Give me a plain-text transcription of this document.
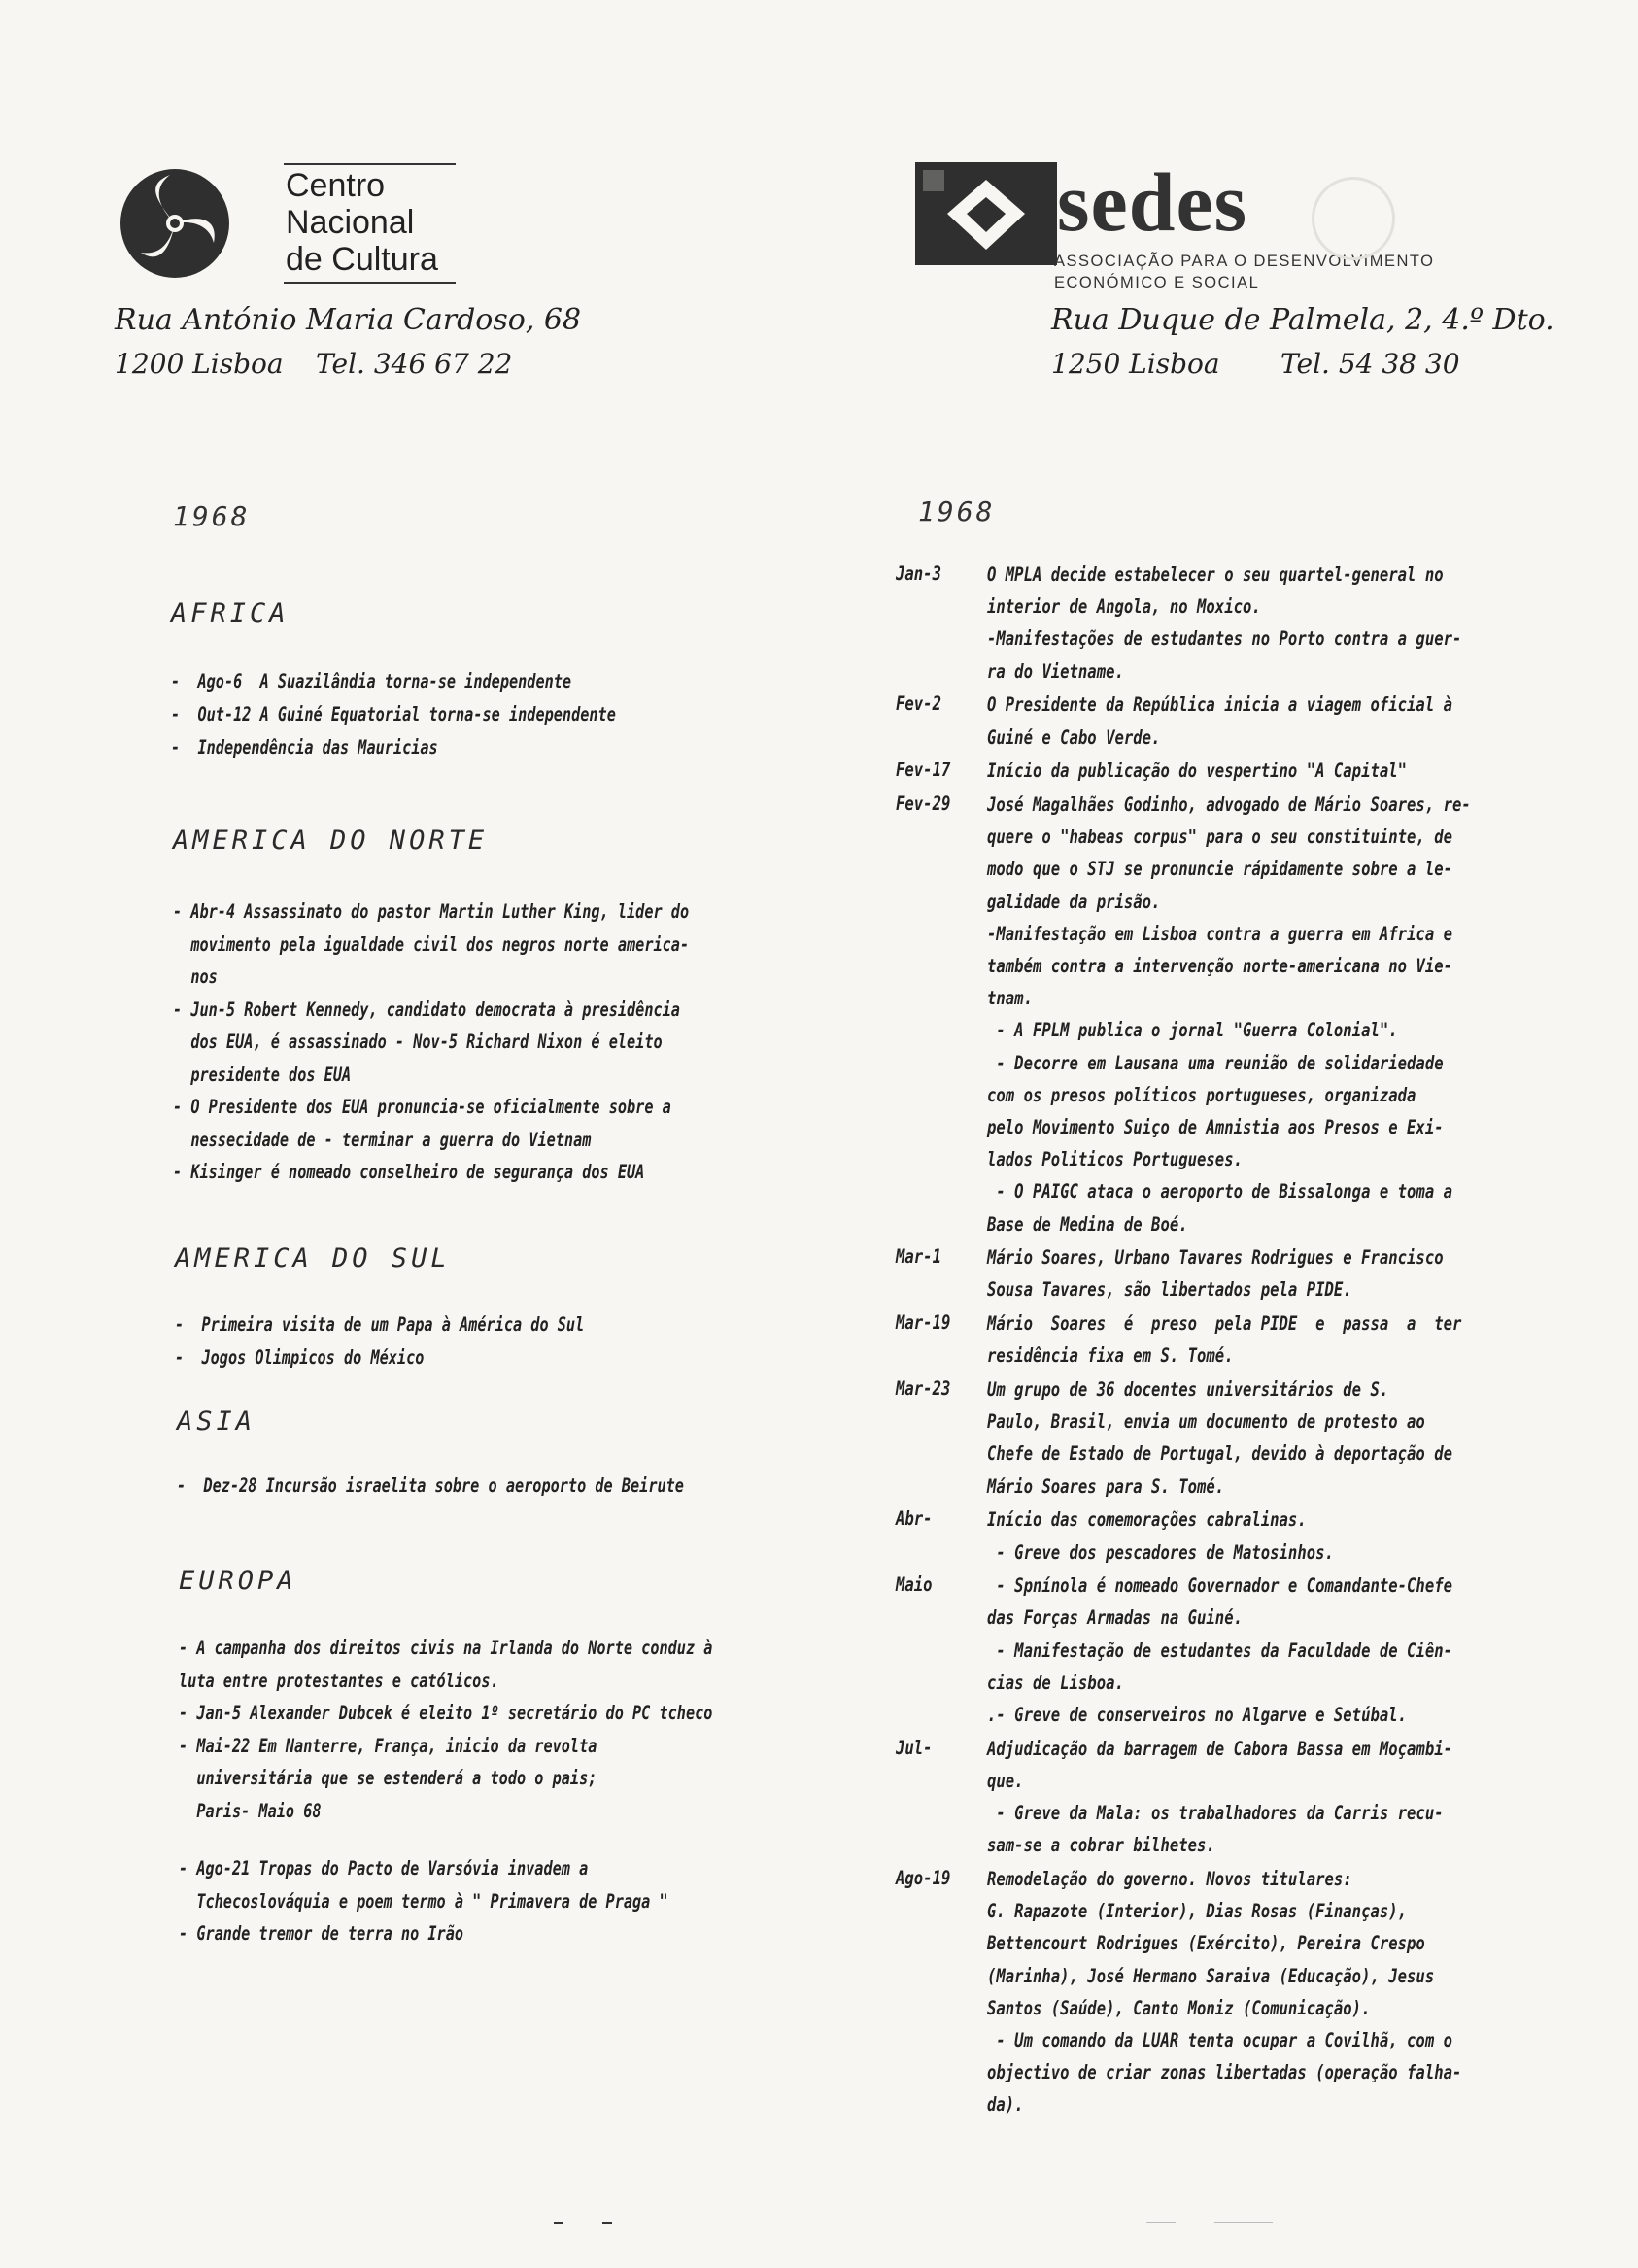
Centro
Nacional
de Cultura
Rua António Maria Cardoso, 68
1200 Lisboa Tel. 346 67 22
sedes
ASSOCIAÇÃO PARA O DESENVOLVIMENTO
ECONÓMICO E SOCIAL
Rua Duque de Palmela, 2, 4.º Dto.
1250 Lisboa Tel. 54 38 30
1968
AFRICA
-  Ago-6  A Suazilândia torna-se independente
-  Out-12 A Guiné Equatorial torna-se independente
-  Independência das Mauricias
AMERICA DO NORTE
- Abr-4 Assassinato do pastor Martin Luther King, lider do
movimento pela igualdade civil dos negros norte america-
nos
- Jun-5 Robert Kennedy, candidato democrata à presidência
dos EUA, é assassinado - Nov-5 Richard Nixon é eleito
presidente dos EUA
- O Presidente dos EUA pronuncia-se oficialmente sobre a
nessecidade de - terminar a guerra do Vietnam
- Kisinger é nomeado conselheiro de segurança dos EUA
AMERICA DO SUL
-  Primeira visita de um Papa à América do Sul
-  Jogos Olimpicos do México
ASIA
-  Dez-28 Incursão israelita sobre o aeroporto de Beirute
EUROPA
- A campanha dos direitos civis na Irlanda do Norte conduz à
luta entre protestantes e católicos.
- Jan-5 Alexander Dubcek é eleito 1º secretário do PC tcheco
- Mai-22 Em Nanterre, França, inicio da revolta
universitária que se estenderá a todo o pais;
Paris- Maio 68
- Ago-21 Tropas do Pacto de Varsóvia invadem a
Tchecoslováquia e poem termo à " Primavera de Praga "
- Grande tremor de terra no Irão
1968
Jan-3 O MPLA decide estabelecer o seu quartel-general no
interior de Angola, no Moxico.
-Manifestações de estudantes no Porto contra a guer-
ra do Vietname.
Fev-2 O Presidente da República inicia a viagem oficial à
Guiné e Cabo Verde.
Fev-17 Início da publicação do vespertino "A Capital"
Fev-29 José Magalhães Godinho, advogado de Mário Soares, re-
quere o "habeas corpus" para o seu constituinte, de
modo que o STJ se pronuncie rápidamente sobre a le-
galidade da prisão.
-Manifestação em Lisboa contra a guerra em Africa e
também contra a intervenção norte-americana no Vie-
tnam.
- A FPLM publica o jornal "Guerra Colonial".
- Decorre em Lausana uma reunião de solidariedade
com os presos políticos portugueses, organizada
pelo Movimento Suiço de Amnistia aos Presos e Exi-
lados Politicos Portugueses.
- O PAIGC ataca o aeroporto de Bissalonga e toma a
Base de Medina de Boé.
Mar-1 Mário Soares, Urbano Tavares Rodrigues e Francisco
Sousa Tavares, são libertados pela PIDE.
Mar-19 Mário  Soares  é  preso  pela PIDE  e  passa  a  ter
residência fixa em S. Tomé.
Mar-23 Um grupo de 36 docentes universitários de S.
Paulo, Brasil, envia um documento de protesto ao
Chefe de Estado de Portugal, devido à deportação de
Mário Soares para S. Tomé.
Abr-	Início das comemorações cabralinas.
- Greve dos pescadores de Matosinhos.
Maio	- Spnínola é nomeado Governador e Comandante-Chefe
das Forças Armadas na Guiné.
- Manifestação de estudantes da Faculdade de Ciên-
cias de Lisboa.
.- Greve de conserveiros no Algarve e Setúbal.
Jul-	Adjudicação da barragem de Cabora Bassa em Moçambi-
que.
- Greve da Mala: os trabalhadores da Carris recu-
sam-se a cobrar bilhetes.
Ago-19 Remodelação do governo. Novos titulares:
G. Rapazote (Interior), Dias Rosas (Finanças),
Bettencourt Rodrigues (Exército), Pereira Crespo
(Marinha), José Hermano Saraiva (Educação), Jesus
Santos (Saúde), Canto Moniz (Comunicação).
- Um comando da LUAR tenta ocupar a Covilhã, com o
objectivo de criar zonas libertadas (operação falha-
da).
